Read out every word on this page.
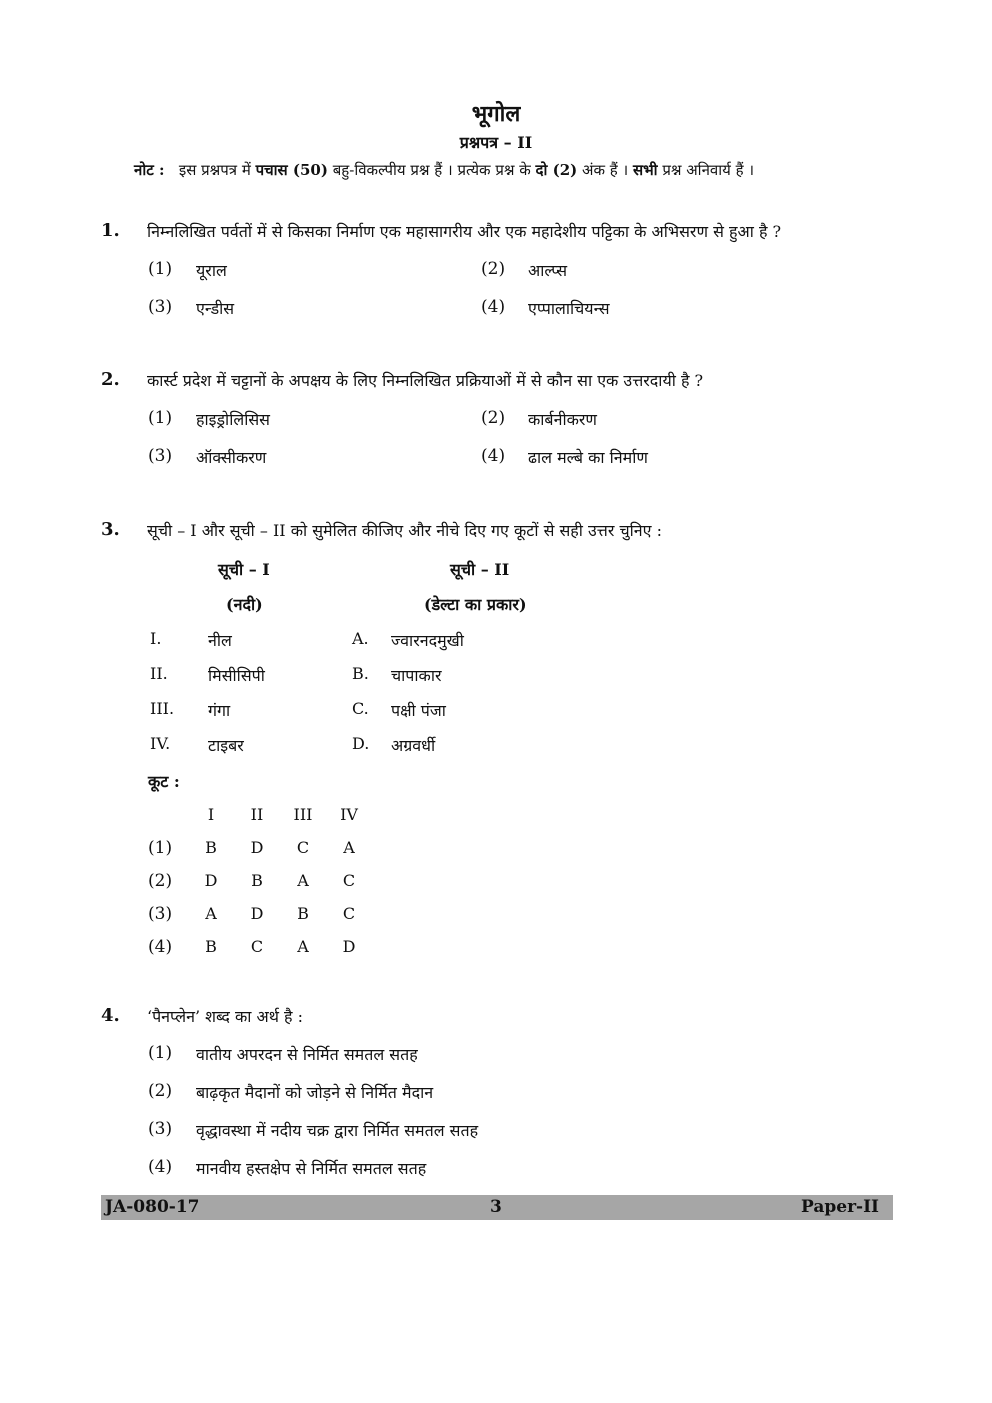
भूगोल
प्रश्नपत्र – II
नोट : इस प्रश्नपत्र में पचास (50) बहु-विकल्पीय प्रश्न हैं । प्रत्येक प्रश्न के दो (2) अंक हैं । सभी प्रश्न अनिवार्य हैं ।
1. निम्नलिखित पर्वतों में से किसका निर्माण एक महासागरीय और एक महादेशीय पट्टिका के अभिसरण से हुआ है ?
(1) यूराल	(2) आल्प्स
(3) एन्डीस	(4) एप्पालाचियन्स
2. कार्स्ट प्रदेश में चट्टानों के अपक्षय के लिए निम्नलिखित प्रक्रियाओं में से कौन सा एक उत्तरदायी है ?
(1) हाइड्रोलिसिस	(2) कार्बनीकरण
(3) ऑक्सीकरण	(4) ढाल मल्बे का निर्माण
3. सूची – I और सूची – II को सुमेलित कीजिए और नीचे दिए गए कूटों से सही उत्तर चुनिए :
सूची – I
(नदी)
सूची – II
(डेल्टा का प्रकार)
I.	नील	A. ज्वारनदमुखी
II.	मिसीसिपी	B. चापाकार
III. गंगा	C. पक्षी पंजा
IV. टाइबर	D. अग्रवर्धी
कूट :
I	II	III	IV
(1)	B	D	C	A
(2)	D	B	A	C
(3)	A	D	B	C
(4)	B	C	A	D
4. ‘पैनप्लेन’ शब्द का अर्थ है :
(1) वातीय अपरदन से निर्मित समतल सतह
(2) बाढ़कृत मैदानों को जोड़ने से निर्मित मैदान
(3) वृद्धावस्था में नदीय चक्र द्वारा निर्मित समतल सतह
(4) मानवीय हस्तक्षेप से निर्मित समतल सतह
JA-080-17	3	Paper-II
